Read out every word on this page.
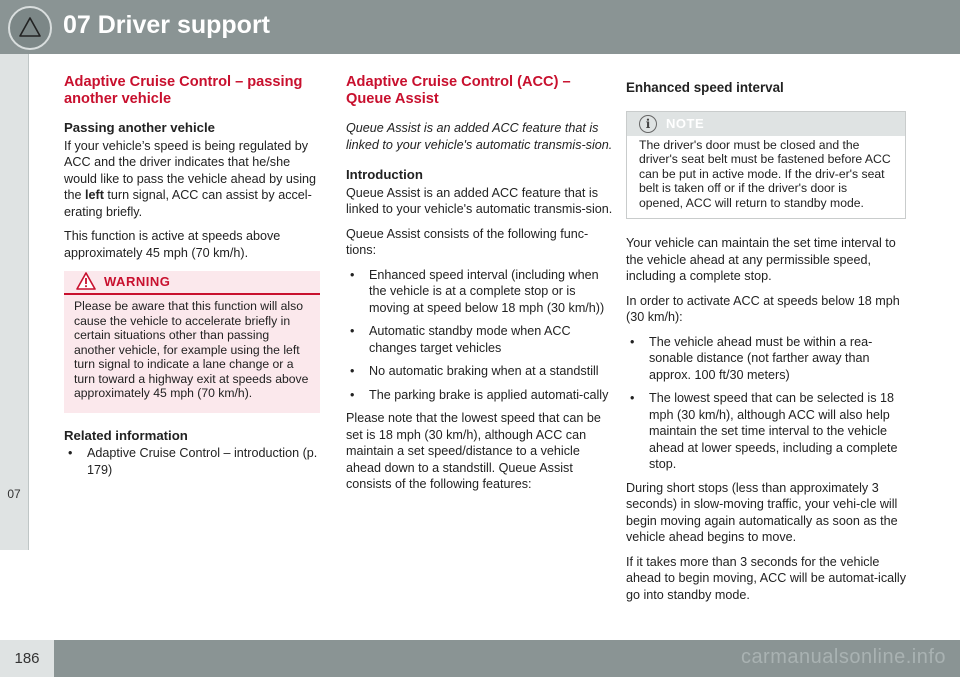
07 Driver support
07
Adaptive Cruise Control – passing another vehicle
Passing another vehicle

If your vehicle’s speed is being regulated by ACC and the driver indicates that he/she would like to pass the vehicle ahead by using the left turn signal, ACC can assist by accel-erating briefly.

This function is active at speeds above approximately 45 mph (70 km/h).

WARNING
Please be aware that this function will also cause the vehicle to accelerate briefly in certain situations other than passing another vehicle, for example using the left turn signal to indicate a lane change or a turn toward a highway exit at speeds above approximately 45 mph (70 km/h).
Related information
• Adaptive Cruise Control – introduction (p. 179)
Adaptive Cruise Control (ACC) – Queue Assist

Queue Assist is an added ACC feature that is linked to your vehicle's automatic transmis-sion.

Introduction

Queue Assist is an added ACC feature that is linked to your vehicle's automatic transmis-sion.

Queue Assist consists of the following func-tions:

• Enhanced speed interval (including when the vehicle is at a complete stop or is moving at speed below 18 mph (30 km/h))
• Automatic standby mode when ACC changes target vehicles
• No automatic braking when at a standstill
• The parking brake is applied automati-cally

Please note that the lowest speed that can be set is 18 mph (30 km/h), although ACC can maintain a set speed/distance to a vehicle ahead down to a standstill. Queue Assist consists of the following features:

Enhanced speed interval
i	NOTE
The driver's door must be closed and the driver's seat belt must be fastened before ACC can be put in active mode. If the driv-er's seat belt is taken off or if the driver's door is opened, ACC will return to standby mode.

Your vehicle can maintain the set time interval to the vehicle ahead at any permissible speed, including a complete stop.

In order to activate ACC at speeds below 18 mph (30 km/h):

• The vehicle ahead must be within a rea-sonable distance (not farther away than approx. 100 ft/30 meters)
• The lowest speed that can be selected is 18 mph (30 km/h), although ACC will also help maintain the set time interval to the vehicle ahead at lower speeds, including a complete stop.

During short stops (less than approximately 3 seconds) in slow-moving traffic, your vehi-cle will begin moving again automatically as soon as the vehicle ahead begins to move.

If it takes more than 3 seconds for the vehicle ahead to begin moving, ACC will be automat-ically go into standby mode.

186	carmanualsonline.info
